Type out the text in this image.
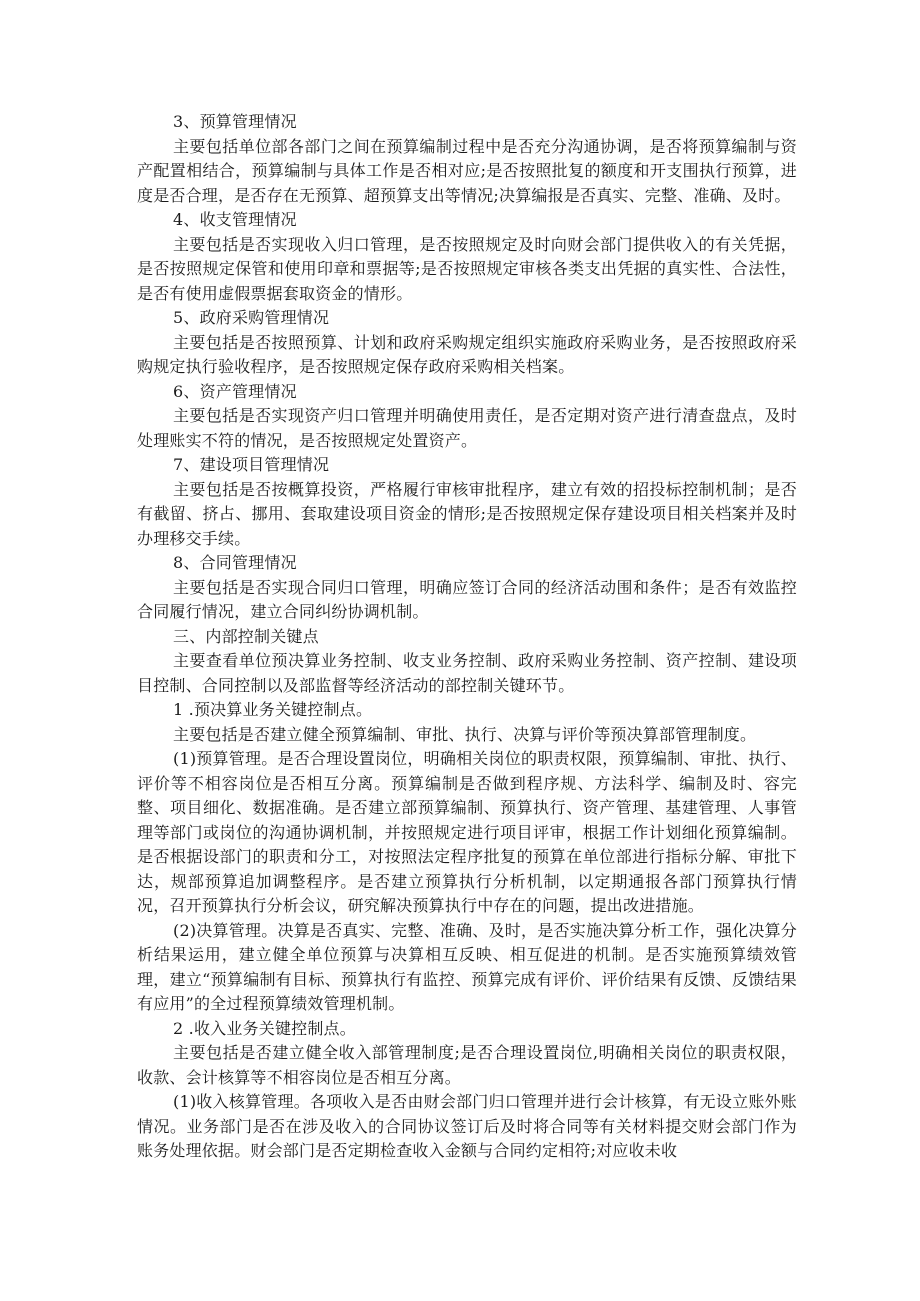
3、预算管理情况

主要包括单位部各部门之间在预算编制过程中是否充分沟通协调，是否将预算编制与资产配置相结合，预算编制与具体工作是否相对应;是否按照批复的额度和开支围执行预算，进度是否合理，是否存在无预算、超预算支出等情况;决算编报是否真实、完整、准确、及时。

4、收支管理情况

主要包括是否实现收入归口管理，是否按照规定及时向财会部门提供收入的有关凭据，是否按照规定保管和使用印章和票据等;是否按照规定审核各类支出凭据的真实性、合法性，是否有使用虚假票据套取资金的情形。

5、政府采购管理情况

主要包括是否按照预算、计划和政府采购规定组织实施政府采购业务，是否按照政府采购规定执行验收程序，是否按照规定保存政府采购相关档案。

6、资产管理情况

主要包括是否实现资产归口管理并明确使用责任，是否定期对资产进行清查盘点，及时处理账实不符的情况，是否按照规定处置资产。

7、建设项目管理情况

主要包括是否按概算投资，严格履行审核审批程序，建立有效的招投标控制机制；是否有截留、挤占、挪用、套取建设项目资金的情形;是否按照规定保存建设项目相关档案并及时办理移交手续。

8、合同管理情况

主要包括是否实现合同归口管理，明确应签订合同的经济活动围和条件；是否有效监控合同履行情况，建立合同纠纷协调机制。

三、内部控制关键点

主要查看单位预决算业务控制、收支业务控制、政府采购业务控制、资产控制、建设项目控制、合同控制以及部监督等经济活动的部控制关键环节。

1 .预决算业务关键控制点。

主要包括是否建立健全预算编制、审批、执行、决算与评价等预决算部管理制度。

(1)预算管理。是否合理设置岗位，明确相关岗位的职责权限，预算编制、审批、执行、评价等不相容岗位是否相互分离。预算编制是否做到程序规、方法科学、编制及时、容完整、项目细化、数据准确。是否建立部预算编制、预算执行、资产管理、基建管理、人事管理等部门或岗位的沟通协调机制，并按照规定进行项目评审，根据工作计划细化预算编制。是否根据设部门的职责和分工，对按照法定程序批复的预算在单位部进行指标分解、审批下达，规部预算追加调整程序。是否建立预算执行分析机制，以定期通报各部门预算执行情况，召开预算执行分析会议，研究解决预算执行中存在的问题，提出改进措施。

(2)决算管理。决算是否真实、完整、准确、及时，是否实施决算分析工作，强化决算分析结果运用，建立健全单位预算与决算相互反映、相互促进的机制。是否实施预算绩效管理，建立“预算编制有目标、预算执行有监控、预算完成有评价、评价结果有反馈、反馈结果有应用”的全过程预算绩效管理机制。

2 .收入业务关键控制点。

主要包括是否建立健全收入部管理制度;是否合理设置岗位,明确相关岗位的职责权限，收款、会计核算等不相容岗位是否相互分离。

(1)收入核算管理。各项收入是否由财会部门归口管理并进行会计核算，有无设立账外账情况。业务部门是否在涉及收入的合同协议签订后及时将合同等有关材料提交财会部门作为账务处理依据。财会部门是否定期检查收入金额与合同约定相符;对应收未收
